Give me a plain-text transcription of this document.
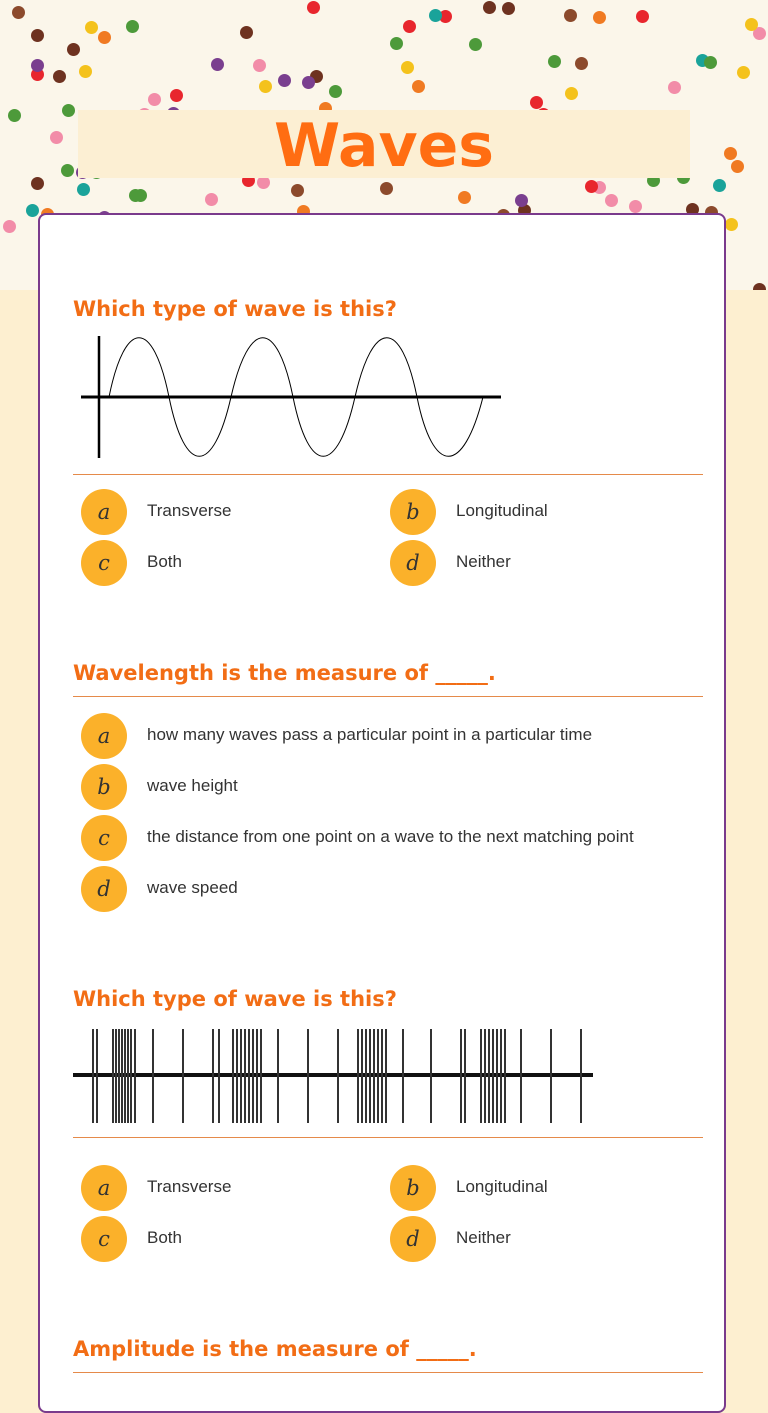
Waves

Which type of wave is this?

a	Transverse	b	Longitudinal
c	Both	d	Neither

Wavelength is the measure of _____.

a	how many waves pass a particular point in a particular time
b	wave height
c	the distance from one point on a wave to the next matching point
d	wave speed

Which type of wave is this?

a	Transverse	b	Longitudinal
c	Both	d	Neither

Amplitude is the measure of _____.
